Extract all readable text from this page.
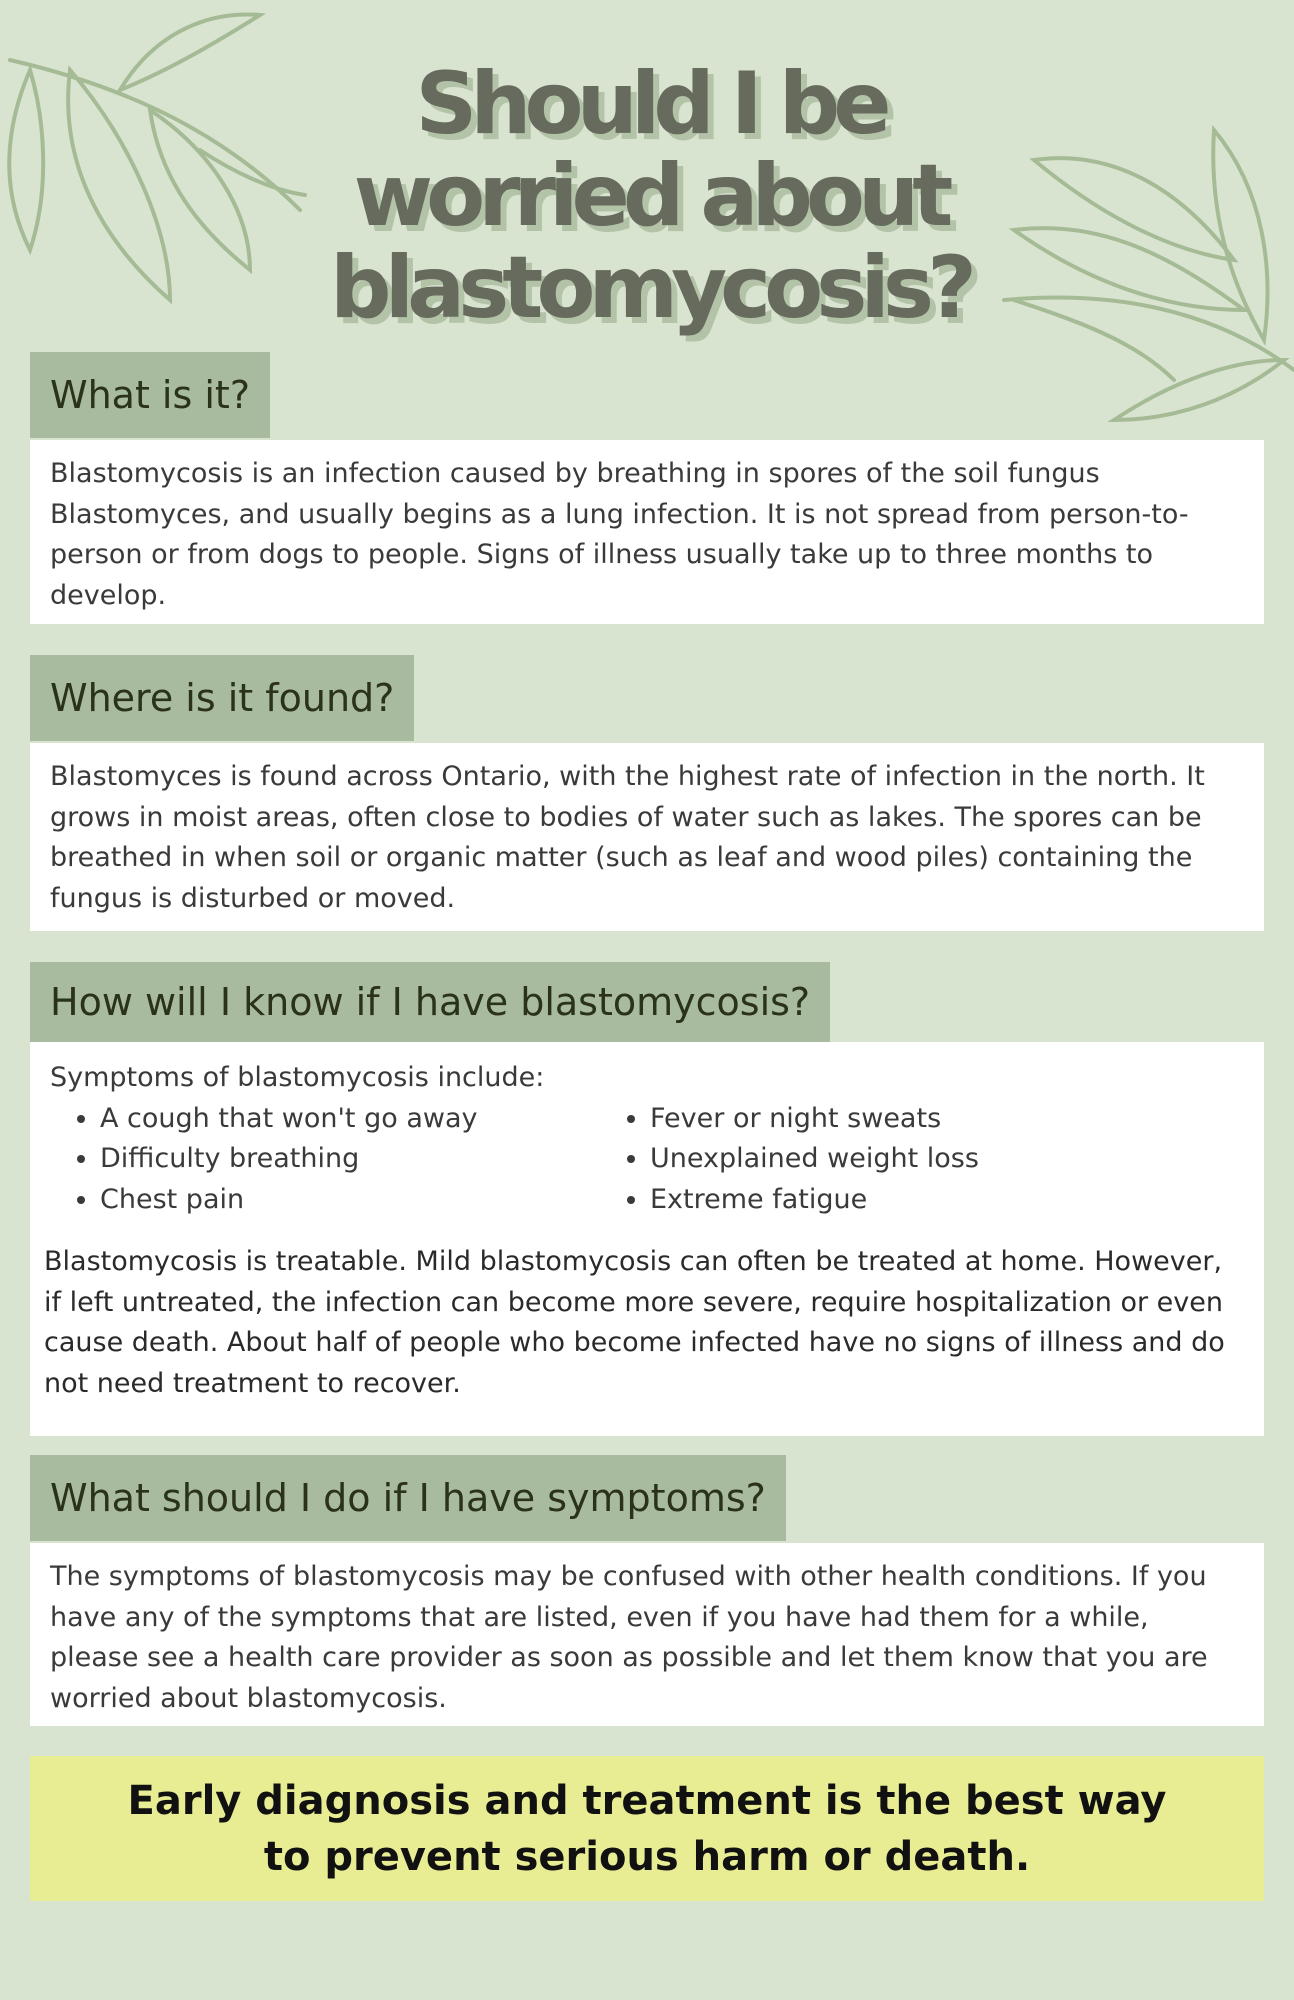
Should I be
worried about
blastomycosis?
What is it?
Blastomycosis is an infection caused by breathing in spores of the soil fungus Blastomyces, and usually begins as a lung infection. It is not spread from person-to-person or from dogs to people. Signs of illness usually take up to three months to develop.
Where is it found?
Blastomyces is found across Ontario, with the highest rate of infection in the north. It grows in moist areas, often close to bodies of water such as lakes. The spores can be breathed in when soil or organic matter (such as leaf and wood piles) containing the fungus is disturbed or moved.
How will I know if I have blastomycosis?

Symptoms of blastomycosis include:

• A cough that won't go away
• Difficulty breathing
• Chest pain
• Fever or night sweats
• Unexplained weight loss
• Extreme fatigue
Blastomycosis is treatable. Mild blastomycosis can often be treated at home. However, if left untreated, the infection can become more severe, require hospitalization or even cause death. About half of people who become infected have no signs of illness and do not need treatment to recover.
What should I do if I have symptoms?
The symptoms of blastomycosis may be confused with other health conditions. If you have any of the symptoms that are listed, even if you have had them for a while, please see a health care provider as soon as possible and let them know that you are worried about blastomycosis.
Early diagnosis and treatment is the best way
to prevent serious harm or death.
